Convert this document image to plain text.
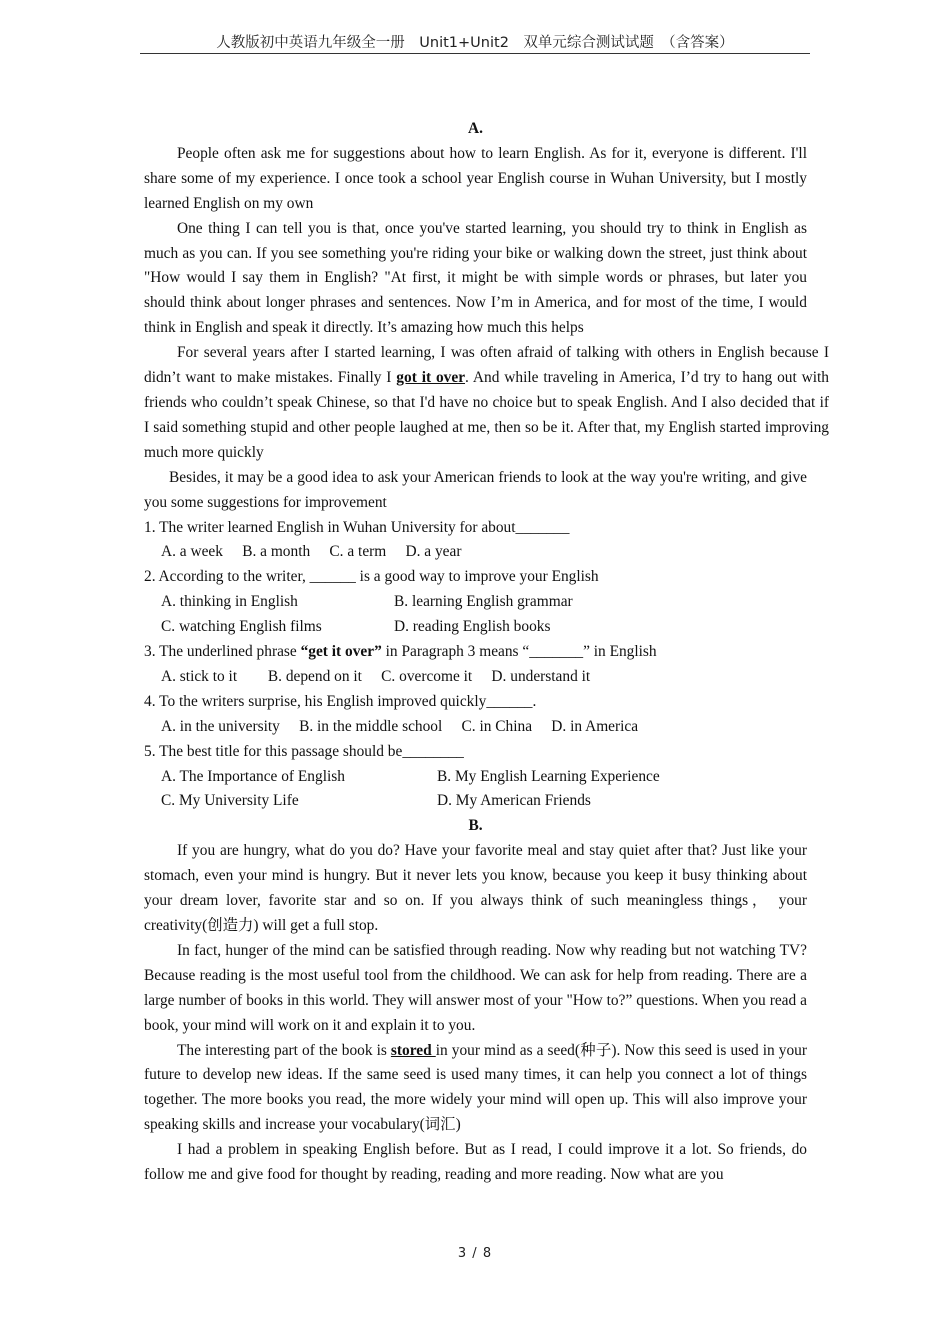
人教版初中英语九年级全一册　Unit1+Unit2　双单元综合测试试题　（含答案）

A.

People often ask me for suggestions about how to learn English. As for it, everyone is different. I'll share some of my experience. I once took a school year English course in Wuhan University, but I mostly learned English on my own

One thing I can tell you is that, once you've started learning, you should try to think in English as much as you can. If you see something you're riding your bike or walking down the street, just think about "How would I say them in English? "At first, it might be with simple words or phrases, but later you should think about longer phrases and sentences. Now I’m in America, and for most of the time, I would think in English and speak it directly. It’s amazing how much this helps

For several years after I started learning, I was often afraid of talking with others in English because I didn’t want to make mistakes. Finally I got it over. And while traveling in America, I’d try to hang out with friends who couldn’t speak Chinese, so that I'd have no choice but to speak English. And I also decided that if I said something stupid and other people laughed at me, then so be it. After that, my English started improving much more quickly

Besides, it may be a good idea to ask your American friends to look at the way you're writing, and give you some suggestions for improvement

1. The writer learned English in Wuhan University for about_______

A. a week　 B. a month　 C. a term　 D. a year

2. According to the writer, ______ is a good way to improve your English

A. thinking in English	B. learning English grammar

C. watching English films	D. reading English books

3. The underlined phrase “get it over” in Paragraph 3 means “_______” in English

A. stick to it　　B. depend on it　 C. overcome it　 D. understand it

4. To the writers surprise, his English improved quickly______.

A. in the university　 B. in the middle school　 C. in China　 D. in America

5. The best title for this passage should be________

A. The Importance of English	B. My English Learning Experience

C. My University Life	D. My American Friends

B.

If you are hungry, what do you do? Have your favorite meal and stay quiet after that? Just like your stomach, even your mind is hungry. But it never lets you know, because you keep it busy thinking about your dream lover, favorite star and so on. If you always think of such meaningless things， your creativity(创造力) will get a full stop.

In fact, hunger of the mind can be satisfied through reading. Now why reading but not watching TV? Because reading is the most useful tool from the childhood. We can ask for help from reading. There are a large number of books in this world. They will answer most of your "How to?” questions. When you read a book, your mind will work on it and explain it to you.

The interesting part of the book is stored in your mind as a seed(种子). Now this seed is used in your future to develop new ideas. If the same seed is used many times, it can help you connect a lot of things together. The more books you read, the more widely your mind will open up. This will also improve your speaking skills and increase your vocabulary(词汇)

I had a problem in speaking English before. But as I read, I could improve it a lot. So friends, do follow me and give food for thought by reading, reading and more reading. Now what are you

3 / 8
